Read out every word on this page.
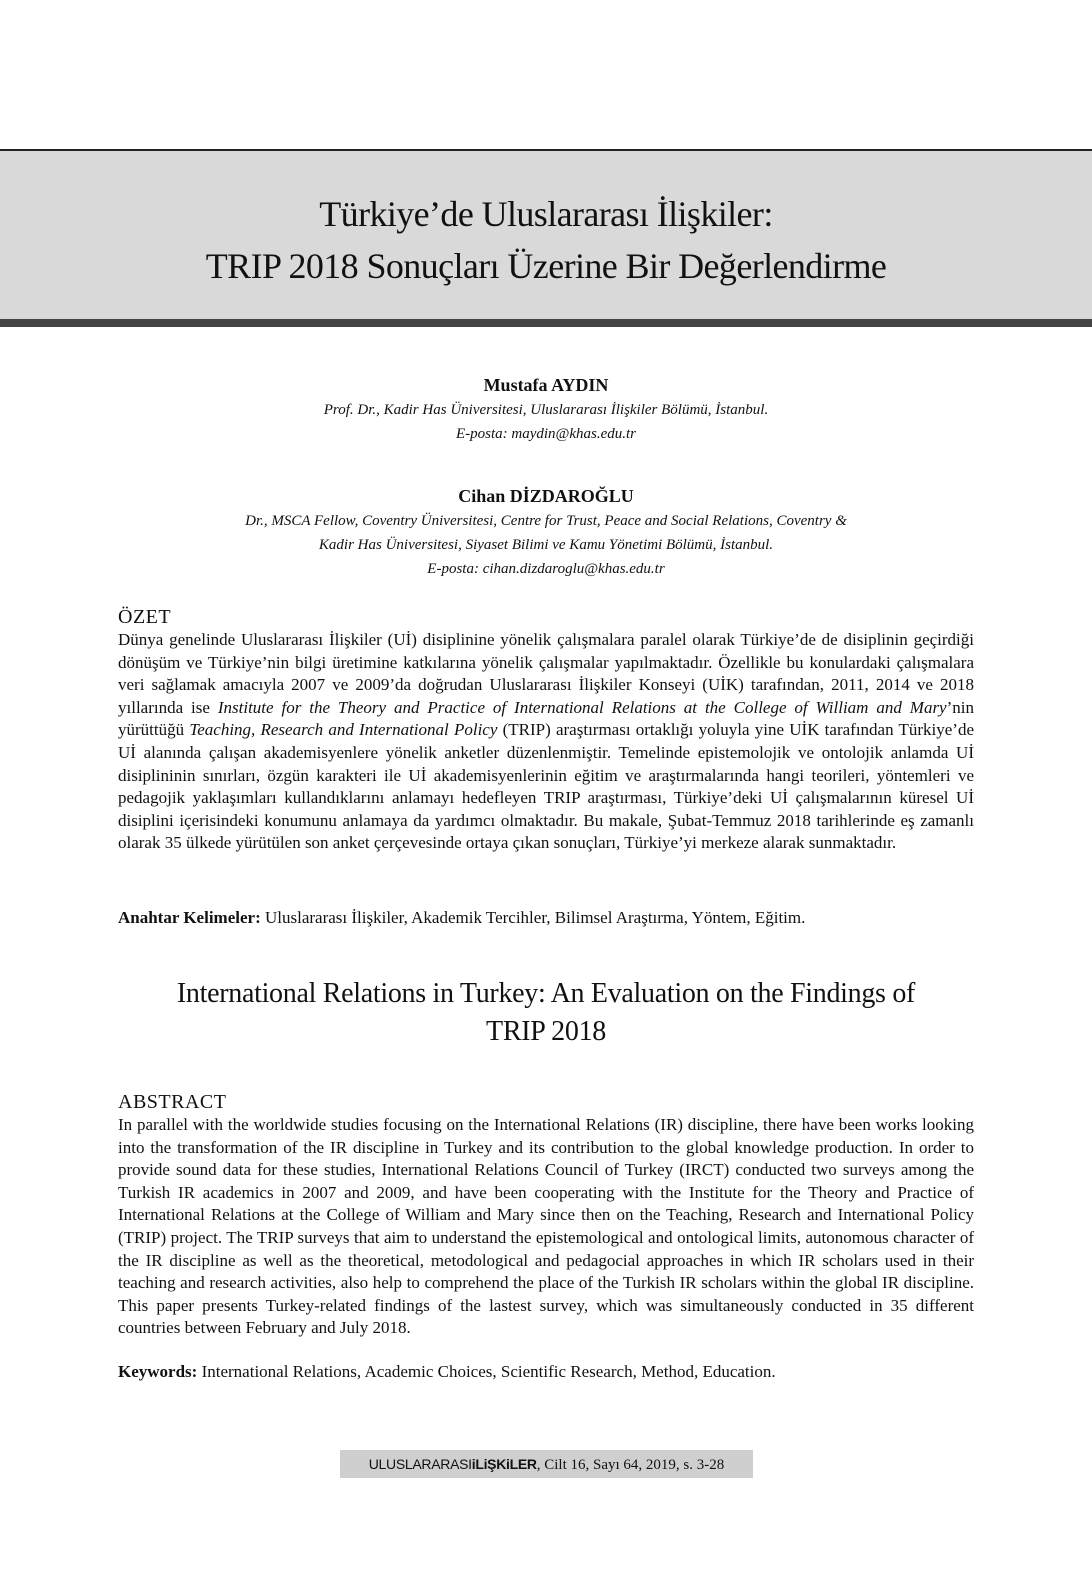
Türkiye’de Uluslararası İlişkiler:
TRIP 2018 Sonuçları Üzerine Bir Değerlendirme
Mustafa AYDIN
Prof. Dr., Kadir Has Üniversitesi, Uluslararası İlişkiler Bölümü, İstanbul.
E-posta: maydin@khas.edu.tr
Cihan DİZDAROĞLU
Dr., MSCA Fellow, Coventry Üniversitesi, Centre for Trust, Peace and Social Relations, Coventry &
Kadir Has Üniversitesi, Siyaset Bilimi ve Kamu Yönetimi Bölümü, İstanbul.
E-posta: cihan.dizdaroglu@khas.edu.tr
ÖZET
Dünya genelinde Uluslararası İlişkiler (Uİ) disiplinine yönelik çalışmalara paralel olarak Türkiye’de de disiplinin geçirdiği dönüşüm ve Türkiye’nin bilgi üretimine katkılarına yönelik çalışmalar yapılmaktadır. Özellikle bu konulardaki çalışmalara veri sağlamak amacıyla 2007 ve 2009’da doğrudan Uluslararası İlişkiler Konseyi (UİK) tarafından, 2011, 2014 ve 2018 yıllarında ise Institute for the Theory and Practice of International Relations at the College of William and Mary’nin yürüttüğü Teaching, Research and International Policy (TRIP) araştırması ortaklığı yoluyla yine UİK tarafından Türkiye’de Uİ alanında çalışan akademisyenlere yönelik anketler düzenlenmiştir. Temelinde epistemolojik ve ontolojik anlamda Uİ disiplininin sınırları, özgün karakteri ile Uİ akademisyenlerinin eğitim ve araştırmalarında hangi teorileri, yöntemleri ve pedagojik yaklaşımları kullandıklarını anlamayı hedefleyen TRIP araştırması, Türkiye’deki Uİ çalışmalarının küresel Uİ disiplini içerisindeki konumunu anlamaya da yardımcı olmaktadır. Bu makale, Şubat-Temmuz 2018 tarihlerinde eş zamanlı olarak 35 ülkede yürütülen son anket çerçevesinde ortaya çıkan sonuçları, Türkiye’yi merkeze alarak sunmaktadır.
Anahtar Kelimeler: Uluslararası İlişkiler, Akademik Tercihler, Bilimsel Araştırma, Yöntem, Eğitim.
International Relations in Turkey: An Evaluation on the Findings of
TRIP 2018
ABSTRACT
In parallel with the worldwide studies focusing on the International Relations (IR) discipline, there have been works looking into the transformation of the IR discipline in Turkey and its contribution to the global knowledge production. In order to provide sound data for these studies, International Relations Council of Turkey (IRCT) conducted two surveys among the Turkish IR academics in 2007 and 2009, and have been cooperating with the Institute for the Theory and Practice of International Relations at the College of William and Mary since then on the Teaching, Research and International Policy (TRIP) project. The TRIP surveys that aim to understand the epistemological and ontological limits, autonomous character of the IR discipline as well as the theoretical, metodological and pedagocial approaches in which IR scholars used in their teaching and research activities, also help to comprehend the place of the Turkish IR scholars within the global IR discipline. This paper presents Turkey-related findings of the lastest survey, which was simultaneously conducted in 35 different countries between February and July 2018.
Keywords: International Relations, Academic Choices, Scientific Research, Method, Education.
ULUSLARARASIiLiŞKiLER, Cilt 16, Sayı 64, 2019, s. 3-28
